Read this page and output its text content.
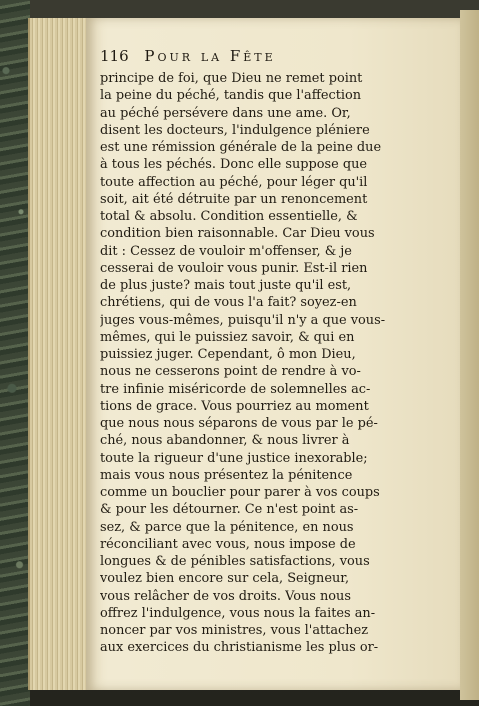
116 Pour la Fête
principe de foi, que Dieu ne remet point
la peine du péché, tandis que l'affection
au péché persévere dans une ame. Or,
disent les docteurs, l'indulgence pléniere
est une rémission générale de la peine due
à tous les péchés. Donc elle suppose que
toute affection au péché, pour léger qu'il
soit, ait été détruite par un renoncement
total & absolu. Condition essentielle, &
condition bien raisonnable. Car Dieu vous
dit : Cessez de vouloir m'offenser, & je
cesserai de vouloir vous punir. Est-il rien
de plus juste? mais tout juste qu'il est,
chrétiens, qui de vous l'a fait? soyez-en
juges vous-mêmes, puisqu'il n'y a que vous-
mêmes, qui le puissiez savoir, & qui en
puissiez juger. Cependant, ô mon Dieu,
nous ne cesserons point de rendre à vo-
tre infinie miséricorde de solemnelles ac-
tions de grace. Vous pourriez au moment
que nous nous séparons de vous par le pé-
ché, nous abandonner, & nous livrer à
toute la rigueur d'une justice inexorable;
mais vous nous présentez la pénitence
comme un bouclier pour parer à vos coups
& pour les détourner. Ce n'est point as-
sez, & parce que la pénitence, en nous
réconciliant avec vous, nous impose de
longues & de pénibles satisfactions, vous
voulez bien encore sur cela, Seigneur,
vous relâcher de vos droits. Vous nous
offrez l'indulgence, vous nous la faites an-
noncer par vos ministres, vous l'attachez
aux exercices du christianisme les plus or-
